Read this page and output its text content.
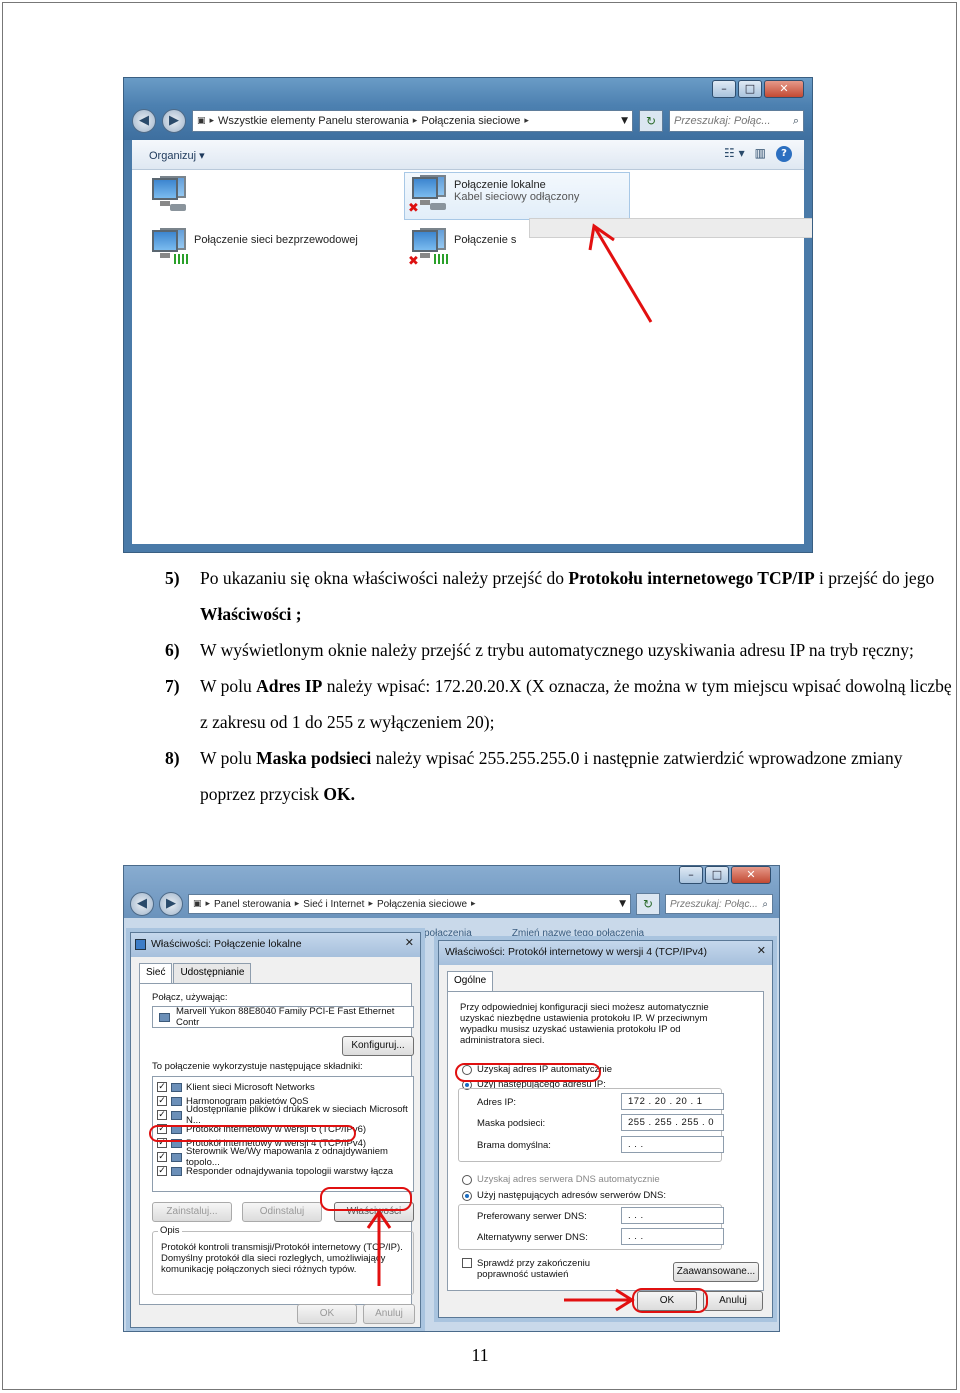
–	□	✕
◀	▶	▣ ▸ Wszystkie elementy Panelu sterowania ▸ Połączenia sieciowe ▸	▼	↻	Przeszukaj: Połąc... ⌕
Organizuj ▾	☷ ▾ ▥	?
✖
Połączenie lokalne
Kabel sieciowy odłączony
Połączenie sieci bezprzewodowej
✖
Połączenie s
5) Po ukazaniu się okna właściwości należy przejść do Protokołu internetowego TCP/IP i przejść do jego Właściwości ;
6) W wyświetlonym oknie należy przejść z trybu automatycznego uzyskiwania adresu IP na tryb ręczny;
7) W polu Adres IP należy wpisać: 172.20.20.X (X oznacza, że można w tym miejscu wpisać dowolną liczbę z zakresu od 1 do 255 z wyłączeniem 20);
8) W polu Maska podsieci należy wpisać 255.255.255.0 i następnie zatwierdzić wprowadzone zmiany poprzez przycisk OK.
–	□	✕
◀	▶	▣ ▸ Panel sterowania ▸ Sieć i Internet ▸ Połączenia sieciowe ▸	▼	↻	Przeszukaj: Połąc... ⌕
połączenia	Zmień nazwę tego połączenia
Właściwości: Połączenie lokalne	✕
Sieć	Udostępnianie
Połącz, używając:
Marvell Yukon 88E8040 Family PCI-E Fast Ethernet Contr
Konfiguruj...
To połączenie wykorzystuje następujące składniki:
✓ Klient sieci Microsoft Networks
✓ Harmonogram pakietów QoS
✓ Udostępnianie plików i drukarek w sieciach Microsoft N...
✓ Protokół internetowy w wersji 6 (TCP/IPv6)
✓ Protokół internetowy w wersji 4 (TCP/IPv4)
✓ Sterownik We/Wy mapowania z odnajdywaniem topolo...
✓ Responder odnajdywania topologii warstwy łącza
Zainstaluj...	Odinstaluj	Właściwości
Opis
Protokół kontroli transmisji/Protokół internetowy (TCP/IP). Domyślny protokół dla sieci rozległych, umożliwiający komunikację połączonych sieci różnych typów.
OK	Anuluj
Właściwości: Protokół internetowy w wersji 4 (TCP/IPv4)	✕
Ogólne
Przy odpowiedniej konfiguracji sieci możesz automatycznie uzyskać niezbędne ustawienia protokołu IP. W przeciwnym wypadku musisz uzyskać ustawienia protokołu IP od administratora sieci.
Uzyskaj adres IP automatycznie
Użyj następującego adresu IP:
Adres IP:	172 . 20 . 20 . 1
Maska podsieci:	255 . 255 . 255 . 0
Brama domyślna:	. . .
Uzyskaj adres serwera DNS automatycznie
Użyj następujących adresów serwerów DNS:
Preferowany serwer DNS:	. . .
Alternatywny serwer DNS:	. . .
Sprawdź przy zakończeniu poprawność ustawień	Zaawansowane...
OK	Anuluj
11
